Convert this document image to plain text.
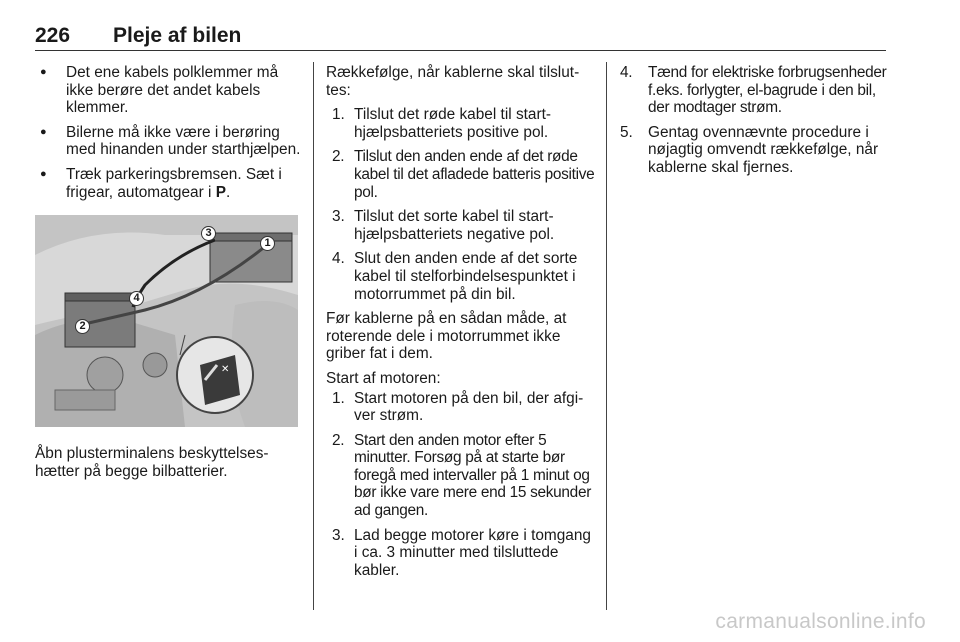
226 Pleje af bilen
● Det ene kabels polklemmer må ikke berøre det andet kabels klemmer.
● Bilerne må ikke være i berøring med hinanden under starthjælpen.
● Træk parkeringsbremsen. Sæt i frigear, automatgear i P.
✕
3
1
4
2
Åbn plusterminalens beskyttelseshætter på begge bilbatterier.
Rækkefølge, når kablerne skal tilsluttes:
1. Tilslut det røde kabel til starthjælpsbatteriets positive pol.
2. Tilslut den anden ende af det røde kabel til det afladede batteris positive pol.
3. Tilslut det sorte kabel til starthjælpsbatteriets negative pol.
4. Slut den anden ende af det sorte kabel til stelforbindelsespunktet i motorrummet på din bil.
Før kablerne på en sådan måde, at roterende dele i motorrummet ikke griber fat i dem.
Start af motoren:
1. Start motoren på den bil, der afgiver strøm.
2. Start den anden motor efter 5 minutter. Forsøg på at starte bør foregå med intervaller på 1 minut og bør ikke vare mere end 15 sekunder ad gangen.
3. Lad begge motorer køre i tomgang i ca. 3 minutter med tilsluttede kabler.
4. Tænd for elektriske forbrugsenheder f.eks. forlygter, el-bagrude i den bil, der modtager strøm.
5. Gentag ovennævnte procedure i nøjagtig omvendt rækkefølge, når kablerne skal fjernes.
carmanualsonline.info
